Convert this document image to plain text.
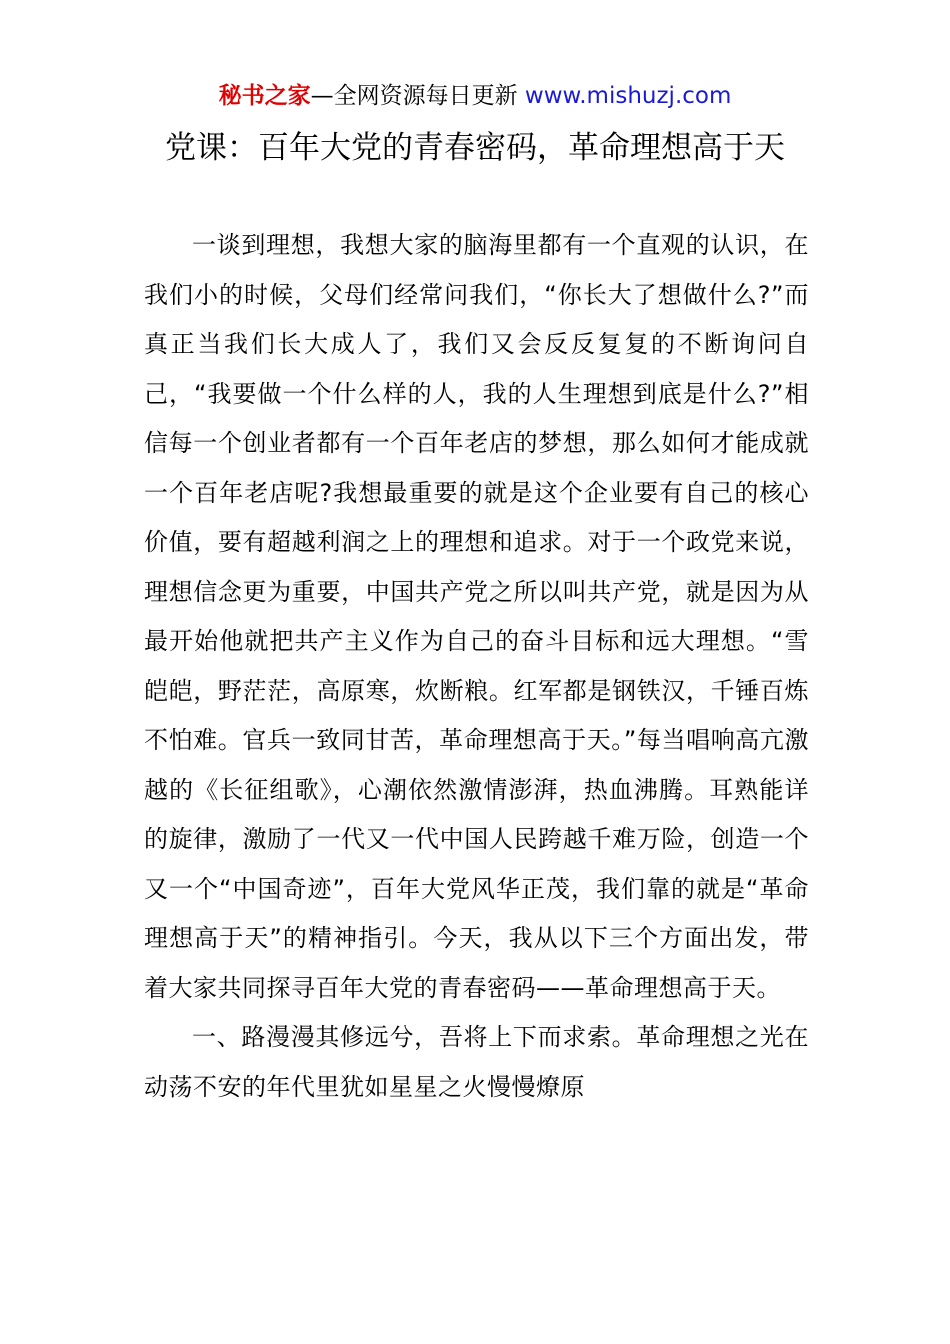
秘书之家—全网资源每日更新 www.mishuzj.com
党课：百年大党的青春密码，革命理想高于天

一谈到理想，我想大家的脑海里都有一个直观的认识，在我们小的时候，父母们经常问我们，“你长大了想做什么?”而真正当我们长大成人了，我们又会反反复复的不断询问自己，“我要做一个什么样的人，我的人生理想到底是什么?”相信每一个创业者都有一个百年老店的梦想，那么如何才能成就一个百年老店呢?我想最重要的就是这个企业要有自己的核心价值，要有超越利润之上的理想和追求。对于一个政党来说，理想信念更为重要，中国共产党之所以叫共产党，就是因为从最开始他就把共产主义作为自己的奋斗目标和远大理想。“雪皑皑，野茫茫，高原寒，炊断粮。红军都是钢铁汉，千锤百炼不怕难。官兵一致同甘苦，革命理想高于天。”每当唱响高亢激越的《长征组歌》，心潮依然激情澎湃，热血沸腾。耳熟能详的旋律，激励了一代又一代中国人民跨越千难万险，创造一个又一个“中国奇迹”，百年大党风华正茂，我们靠的就是“革命理想高于天”的精神指引。今天，我从以下三个方面出发，带着大家共同探寻百年大党的青春密码——革命理想高于天。

一、路漫漫其修远兮，吾将上下而求索。革命理想之光在动荡不安的年代里犹如星星之火慢慢燎原
